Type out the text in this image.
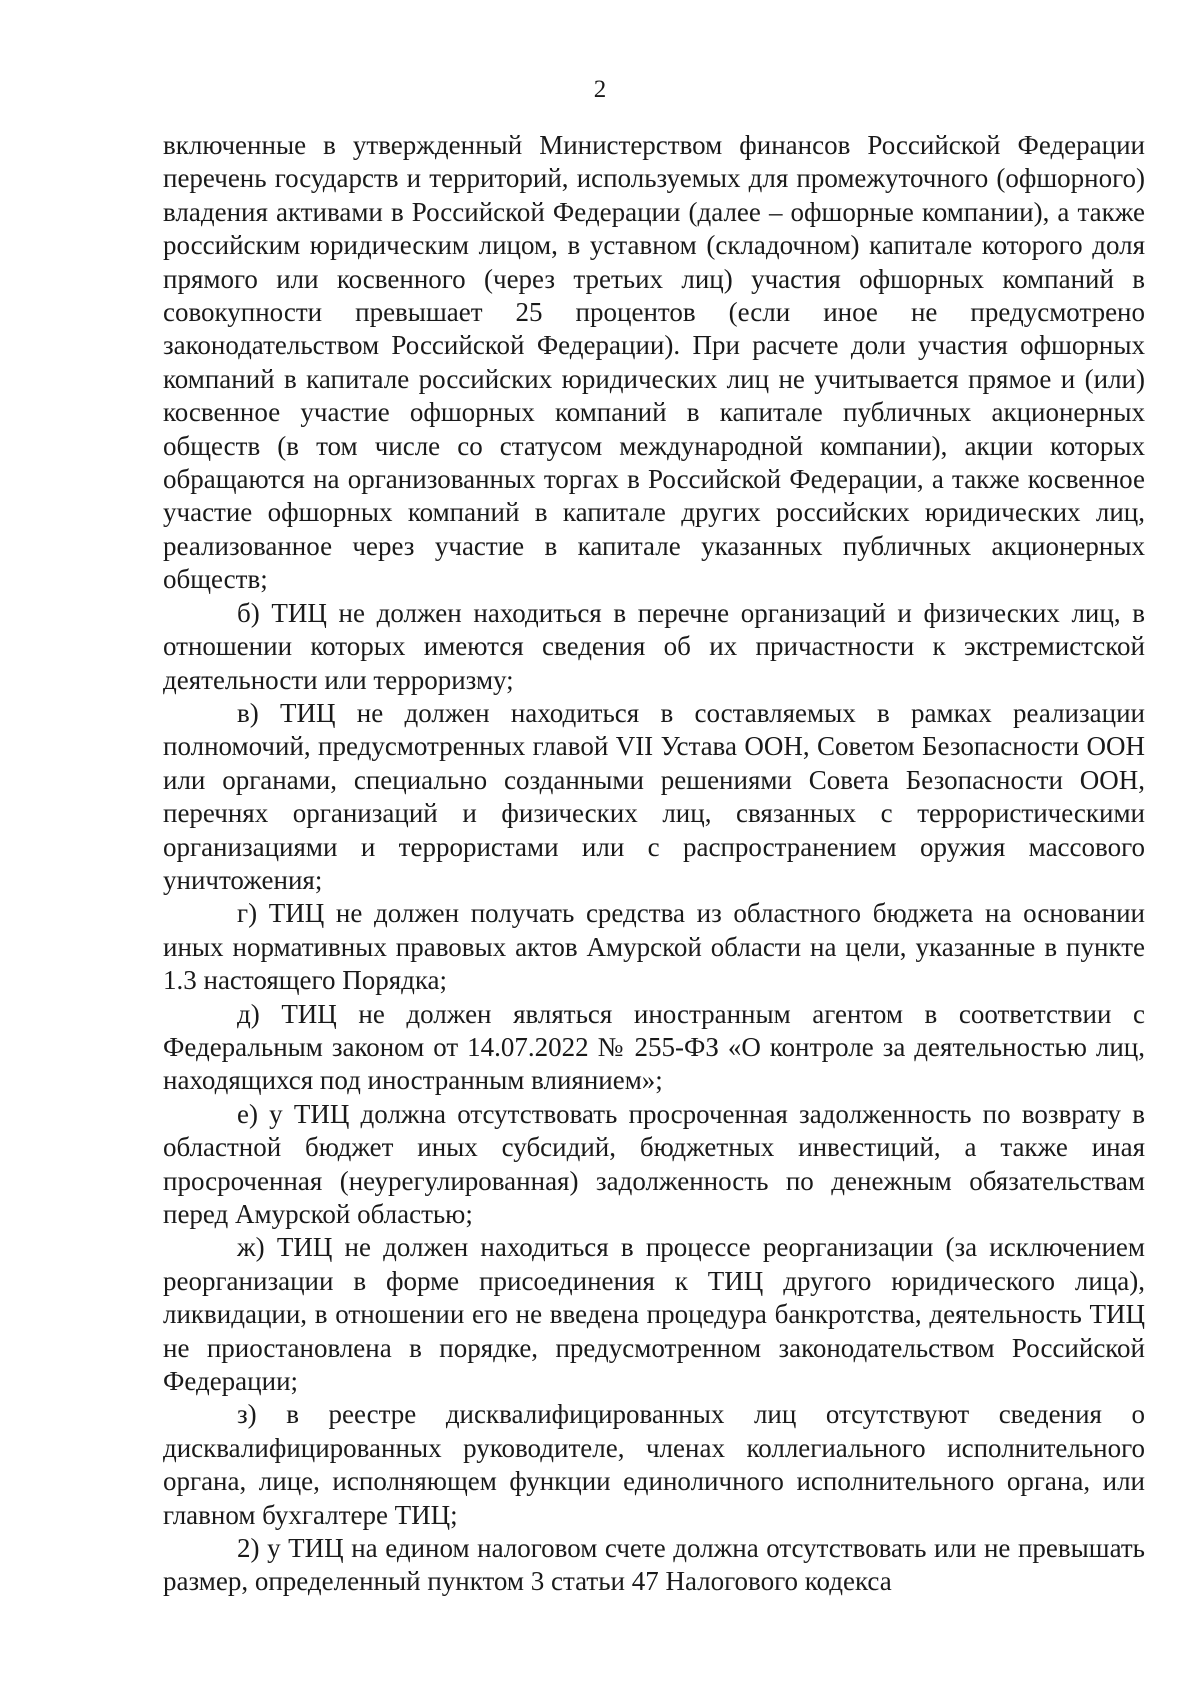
2

включенные в утвержденный Министерством финансов Российской Федерации перечень государств и территорий, используемых для промежуточного (офшорного) владения активами в Российской Федерации (далее – офшорные компании), а также российским юридическим лицом, в уставном (складочном) капитале которого доля прямого или косвенного (через третьих лиц) участия офшорных компаний в совокупности превышает 25 процентов (если иное не предусмотрено законодательством Российской Федерации). При расчете доли участия офшорных компаний в капитале российских юридических лиц не учитывается прямое и (или) косвенное участие офшорных компаний в капитале публичных акционерных обществ (в том числе со статусом международной компании), акции которых обращаются на организованных торгах в Российской Федерации, а также косвенное участие офшорных компаний в капитале других российских юридических лиц, реализованное через участие в капитале указанных публичных акционерных обществ;

б) ТИЦ не должен находиться в перечне организаций и физических лиц, в отношении которых имеются сведения об их причастности к экстремистской деятельности или терроризму;

в) ТИЦ не должен находиться в составляемых в рамках реализации полномочий, предусмотренных главой VII Устава ООН, Советом Безопасности ООН или органами, специально созданными решениями Совета Безопасности ООН, перечнях организаций и физических лиц, связанных с террористическими организациями и террористами или с распространением оружия массового уничтожения;

г) ТИЦ не должен получать средства из областного бюджета на основании иных нормативных правовых актов Амурской области на цели, указанные в пункте 1.3 настоящего Порядка;

д) ТИЦ не должен являться иностранным агентом в соответствии с Федеральным законом от 14.07.2022 № 255-ФЗ «О контроле за деятельностью лиц, находящихся под иностранным влиянием»;

е) у ТИЦ должна отсутствовать просроченная задолженность по возврату в областной бюджет иных субсидий, бюджетных инвестиций, а также иная просроченная (неурегулированная) задолженность по денежным обязательствам перед Амурской областью;

ж) ТИЦ не должен находиться в процессе реорганизации (за исключением реорганизации в форме присоединения к ТИЦ другого юридического лица), ликвидации, в отношении его не введена процедура банкротства, деятельность ТИЦ не приостановлена в порядке, предусмотренном законодательством Российской Федерации;

з) в реестре дисквалифицированных лиц отсутствуют сведения о дисквалифицированных руководителе, членах коллегиального исполнительного органа, лице, исполняющем функции единоличного исполнительного органа, или главном бухгалтере ТИЦ;

2) у ТИЦ на едином налоговом счете должна отсутствовать или не превышать размер, определенный пунктом 3 статьи 47 Налогового кодекса
